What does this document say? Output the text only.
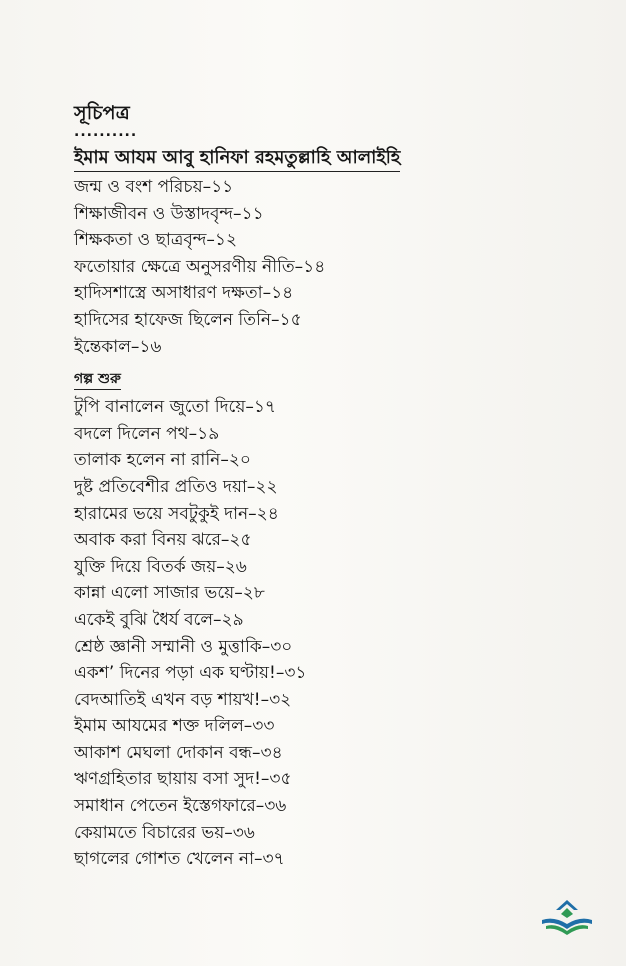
সূচিপত্র
..........
ইমাম আযম আবু হানিফা রহমতুল্লাহি আলাইহি
জন্ম ও বংশ পরিচয়–১১
শিক্ষাজীবন ও উস্তাদবৃন্দ–১১
শিক্ষকতা ও ছাত্রবৃন্দ–১২
ফতোয়ার ক্ষেত্রে অনুসরণীয় নীতি–১৪
হাদিসশাস্ত্রে অসাধারণ দক্ষতা–১৪
হাদিসের হাফেজ ছিলেন তিনি–১৫
ইন্তেকাল–১৬
গল্প শুরু
টুপি বানালেন জুতো দিয়ে–১৭
বদলে দিলেন পথ–১৯
তালাক হলেন না রানি–২০
দুষ্ট প্রতিবেশীর প্রতিও দয়া–২২
হারামের ভয়ে সবটুকুই দান–২৪
অবাক করা বিনয় ঝরে–২৫
যুক্তি দিয়ে বিতর্ক জয়–২৬
কান্না এলো সাজার ভয়ে–২৮
একেই বুঝি ধৈর্য বলে–২৯
শ্রেষ্ঠ জ্ঞানী সম্মানী ও মুত্তাকি–৩০
একশ’ দিনের পড়া এক ঘণ্টায়!–৩১
বেদআতিই এখন বড় শায়খ!–৩২
ইমাম আযমের শক্ত দলিল–৩৩
আকাশ মেঘলা দোকান বন্ধ–৩৪
ঋণগ্রহিতার ছায়ায় বসা সুদ!–৩৫
সমাধান পেতেন ইস্তেগফারে–৩৬
কেয়ামতে বিচারের ভয়–৩৬
ছাগলের গোশত খেলেন না–৩৭
